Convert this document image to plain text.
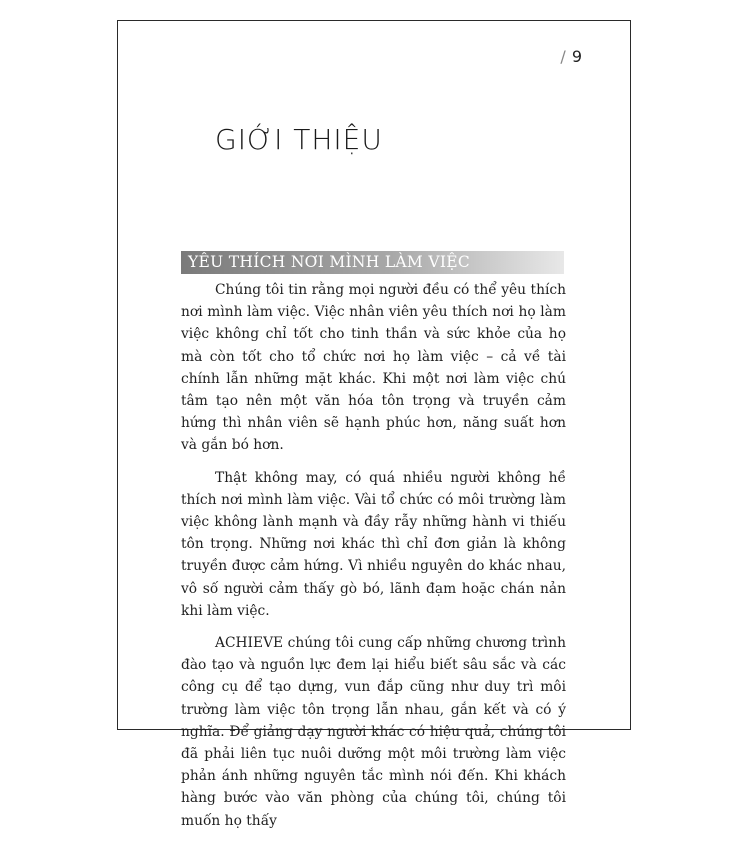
/ 9
GIỚI THIỆU
YÊU THÍCH NƠI MÌNH LÀM VIỆC

Chúng tôi tin rằng mọi người đều có thể yêu thích nơi mình làm việc. Việc nhân viên yêu thích nơi họ làm việc không chỉ tốt cho tinh thần và sức khỏe của họ mà còn tốt cho tổ chức nơi họ làm việc – cả về tài chính lẫn những mặt khác. Khi một nơi làm việc chú tâm tạo nên một văn hóa tôn trọng và truyền cảm hứng thì nhân viên sẽ hạnh phúc hơn, năng suất hơn và gắn bó hơn.

Thật không may, có quá nhiều người không hề thích nơi mình làm việc. Vài tổ chức có môi trường làm việc không lành mạnh và đầy rẫy những hành vi thiếu tôn trọng. Những nơi khác thì chỉ đơn giản là không truyền được cảm hứng. Vì nhiều nguyên do khác nhau, vô số người cảm thấy gò bó, lãnh đạm hoặc chán nản khi làm việc.

ACHIEVE chúng tôi cung cấp những chương trình đào tạo và nguồn lực đem lại hiểu biết sâu sắc và các công cụ để tạo dựng, vun đắp cũng như duy trì môi trường làm việc tôn trọng lẫn nhau, gắn kết và có ý nghĩa. Để giảng dạy người khác có hiệu quả, chúng tôi đã phải liên tục nuôi dưỡng một môi trường làm việc phản ánh những nguyên tắc mình nói đến. Khi khách hàng bước vào văn phòng của chúng tôi, chúng tôi muốn họ thấy
